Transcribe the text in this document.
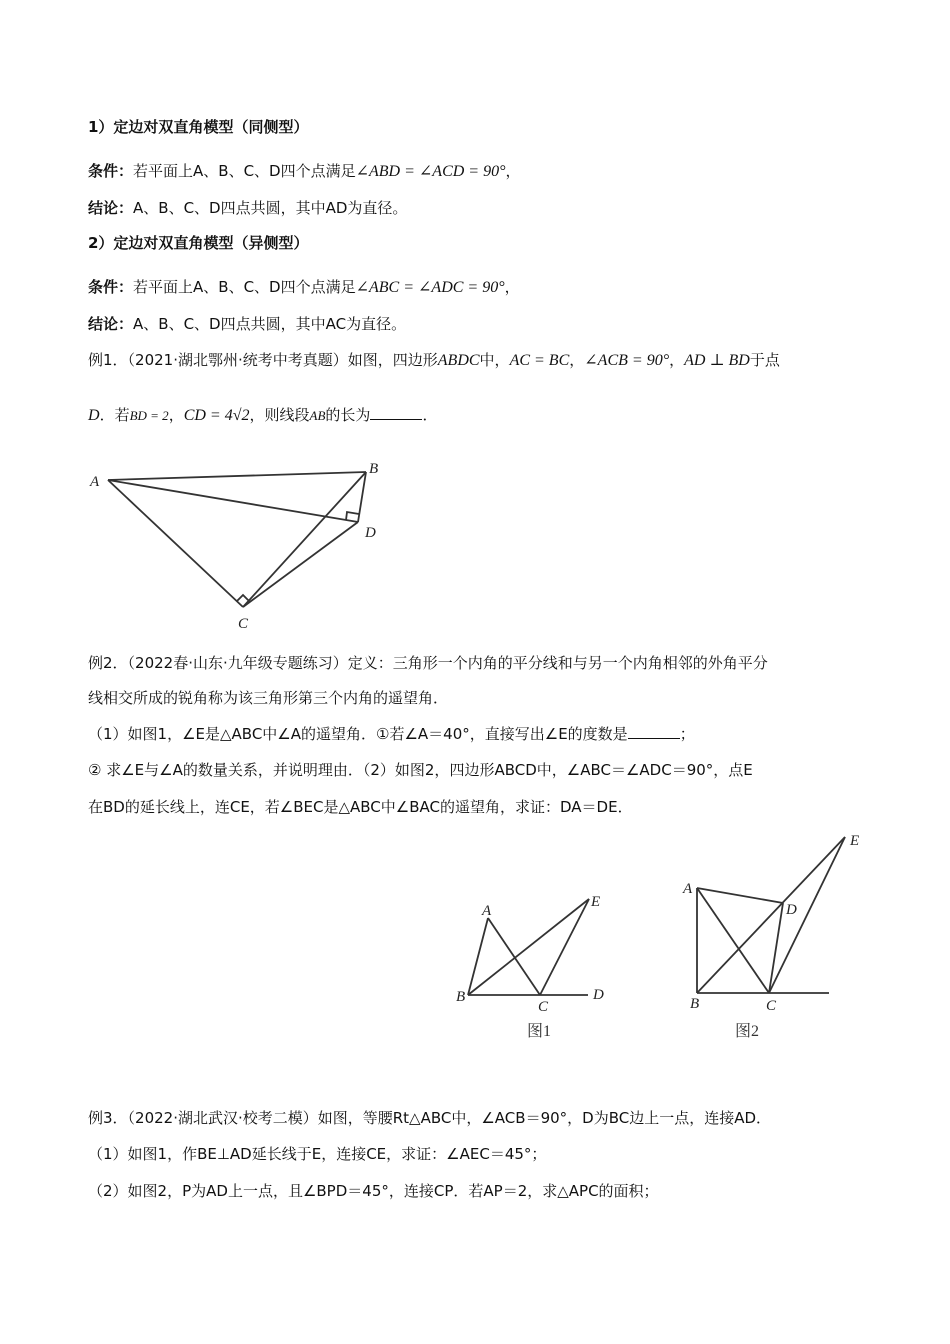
1）定边对双直角模型（同侧型）
条件：若平面上A、B、C、D四个点满足∠ABD = ∠ACD = 90°，
结论：A、B、C、D四点共圆，其中AD为直径。
2）定边对双直角模型（异侧型）
条件：若平面上A、B、C、D四个点满足∠ABC = ∠ADC = 90°，
结论：A、B、C、D四点共圆，其中AC为直径。
例1．（2021·湖北鄂州·统考中考真题）如图，四边形ABDC中，AC = BC，∠ACB = 90°，AD ⊥ BD于点
D．若BD = 2，CD = 4√2，则线段AB的长为	．
A
B
D
C
例2．（2022春·山东·九年级专题练习）定义：三角形一个内角的平分线和与另一个内角相邻的外角平分
线相交所成的锐角称为该三角形第三个内角的遥望角．
（1）如图1，∠E是△ABC中∠A的遥望角．①若∠A＝40°，直接写出∠E的度数是	；
② 求∠E与∠A的数量关系，并说明理由．（2）如图2，四边形ABCD中，∠ABC＝∠ADC＝90°，点E
在BD的延长线上，连CE，若∠BEC是△ABC中∠BAC的遥望角，求证：DA＝DE．
A
E
B
C
D
图1
A
D
E
B	C
图2
例3．（2022·湖北武汉·校考二模）如图，等腰Rt△ABC中，∠ACB＝90°，D为BC边上一点，连接AD．
（1）如图1，作BE⊥AD延长线于E，连接CE，求证：∠AEC＝45°；
（2）如图2，P为AD上一点，且∠BPD＝45°，连接CP．若AP＝2，求△APC的面积；
